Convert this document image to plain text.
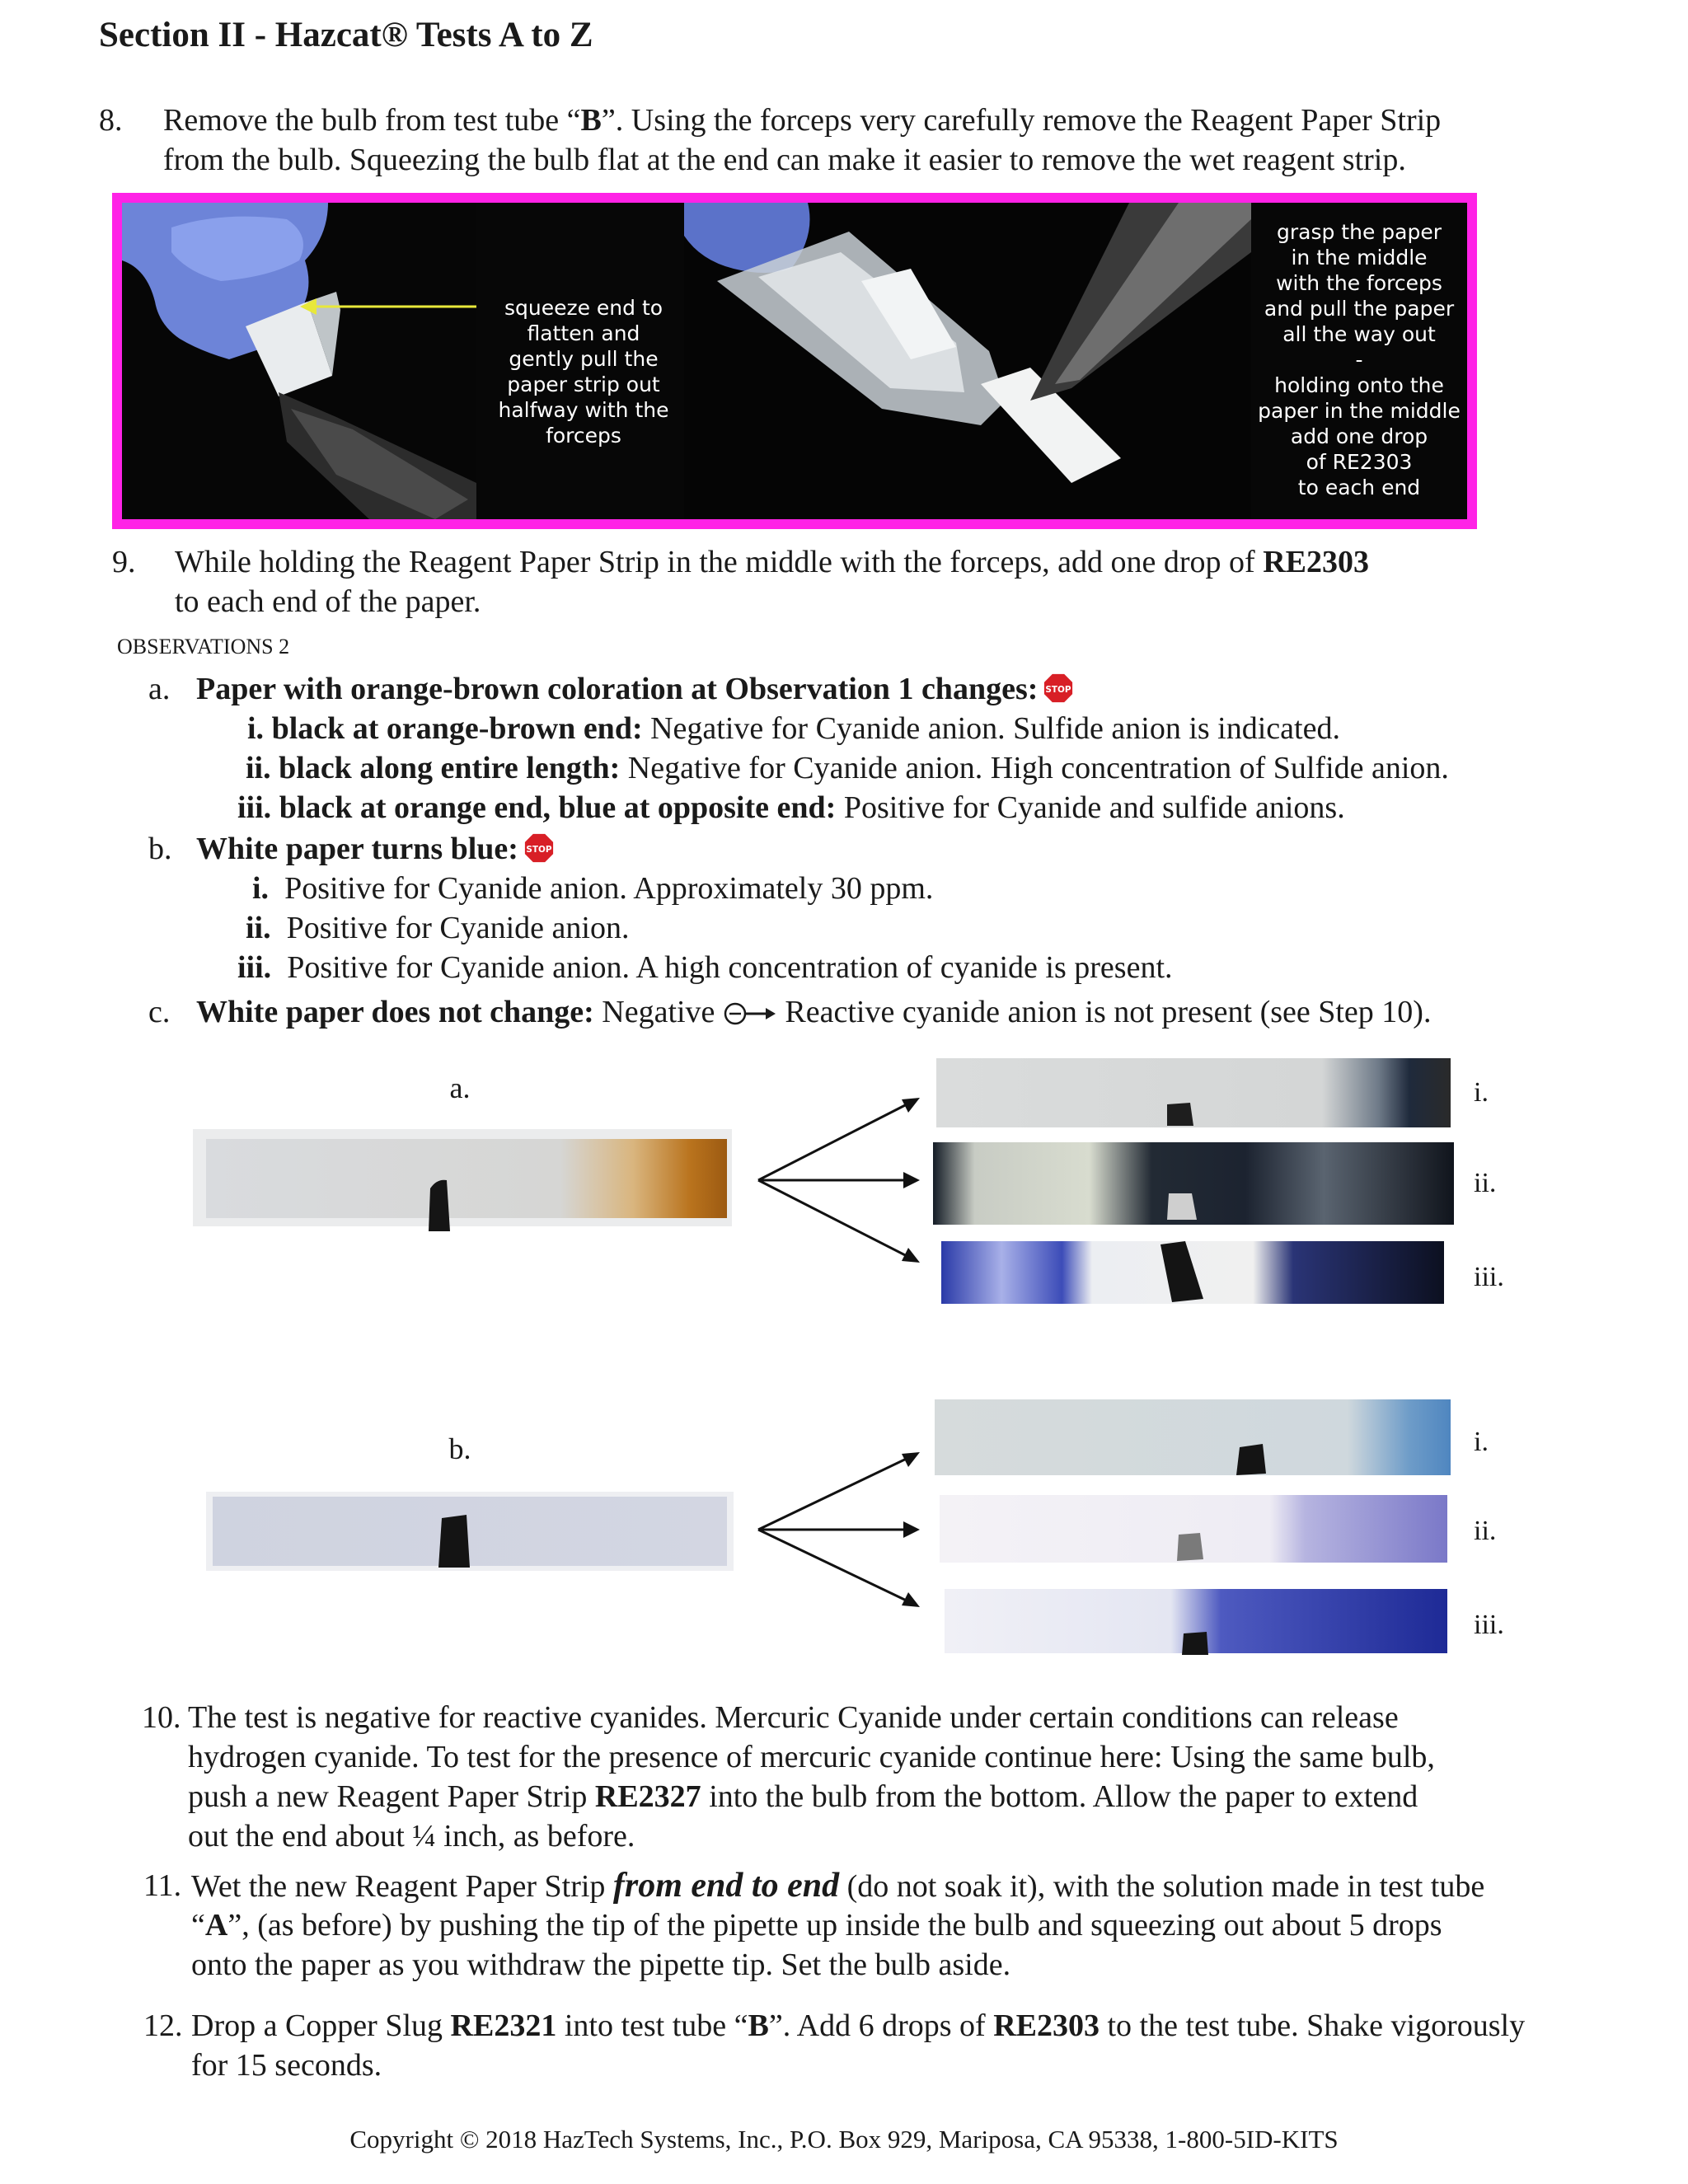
Section II - Hazcat® Tests A to Z
8. Remove the bulb from test tube “B”. Using the forceps very carefully remove the Reagent Paper Strip
from the bulb. Squeezing the bulb flat at the end can make it easier to remove the wet reagent strip.
squeeze end to
flatten and
gently pull the
paper strip out
halfway with the
forceps
grasp the paper
in the middle
with the forceps
and pull the paper
all the way out
-
holding onto the
paper in the middle
add one drop
of RE2303
to each end
9. While holding the Reagent Paper Strip in the middle with the forceps, add one drop of RE2303
to each end of the paper.
OBSERVATIONS 2
a. Paper with orange-brown coloration at Observation 1 changes: STOP
i. black at orange-brown end: Negative for Cyanide anion. Sulfide anion is indicated.
ii. black along entire length: Negative for Cyanide anion. High concentration of Sulfide anion.
iii. black at orange end, blue at opposite end: Positive for Cyanide and sulfide anions.
b. White paper turns blue: STOP
i. Positive for Cyanide anion. Approximately 30 ppm.
ii. Positive for Cyanide anion.
iii. Positive for Cyanide anion. A high concentration of cyanide is present.
c. White paper does not change: Negative  Reactive cyanide anion is not present (see Step 10).
a.	i.
ii.
iii.
b.	i.
ii.
iii.
10. The test is negative for reactive cyanides. Mercuric Cyanide under certain conditions can release
hydrogen cyanide. To test for the presence of mercuric cyanide continue here: Using the same bulb,
push a new Reagent Paper Strip RE2327 into the bulb from the bottom. Allow the paper to extend
out the end about ¼ inch, as before.
11. Wet the new Reagent Paper Strip from end to end (do not soak it), with the solution made in test tube
“A”, (as before) by pushing the tip of the pipette up inside the bulb and squeezing out about 5 drops
onto the paper as you withdraw the pipette tip. Set the bulb aside.
12. Drop a Copper Slug RE2321 into test tube “B”. Add 6 drops of RE2303 to the test tube. Shake vigorously
for 15 seconds.
Copyright © 2018 HazTech Systems, Inc., P.O. Box 929, Mariposa, CA 95338, 1-800-5ID-KITS
